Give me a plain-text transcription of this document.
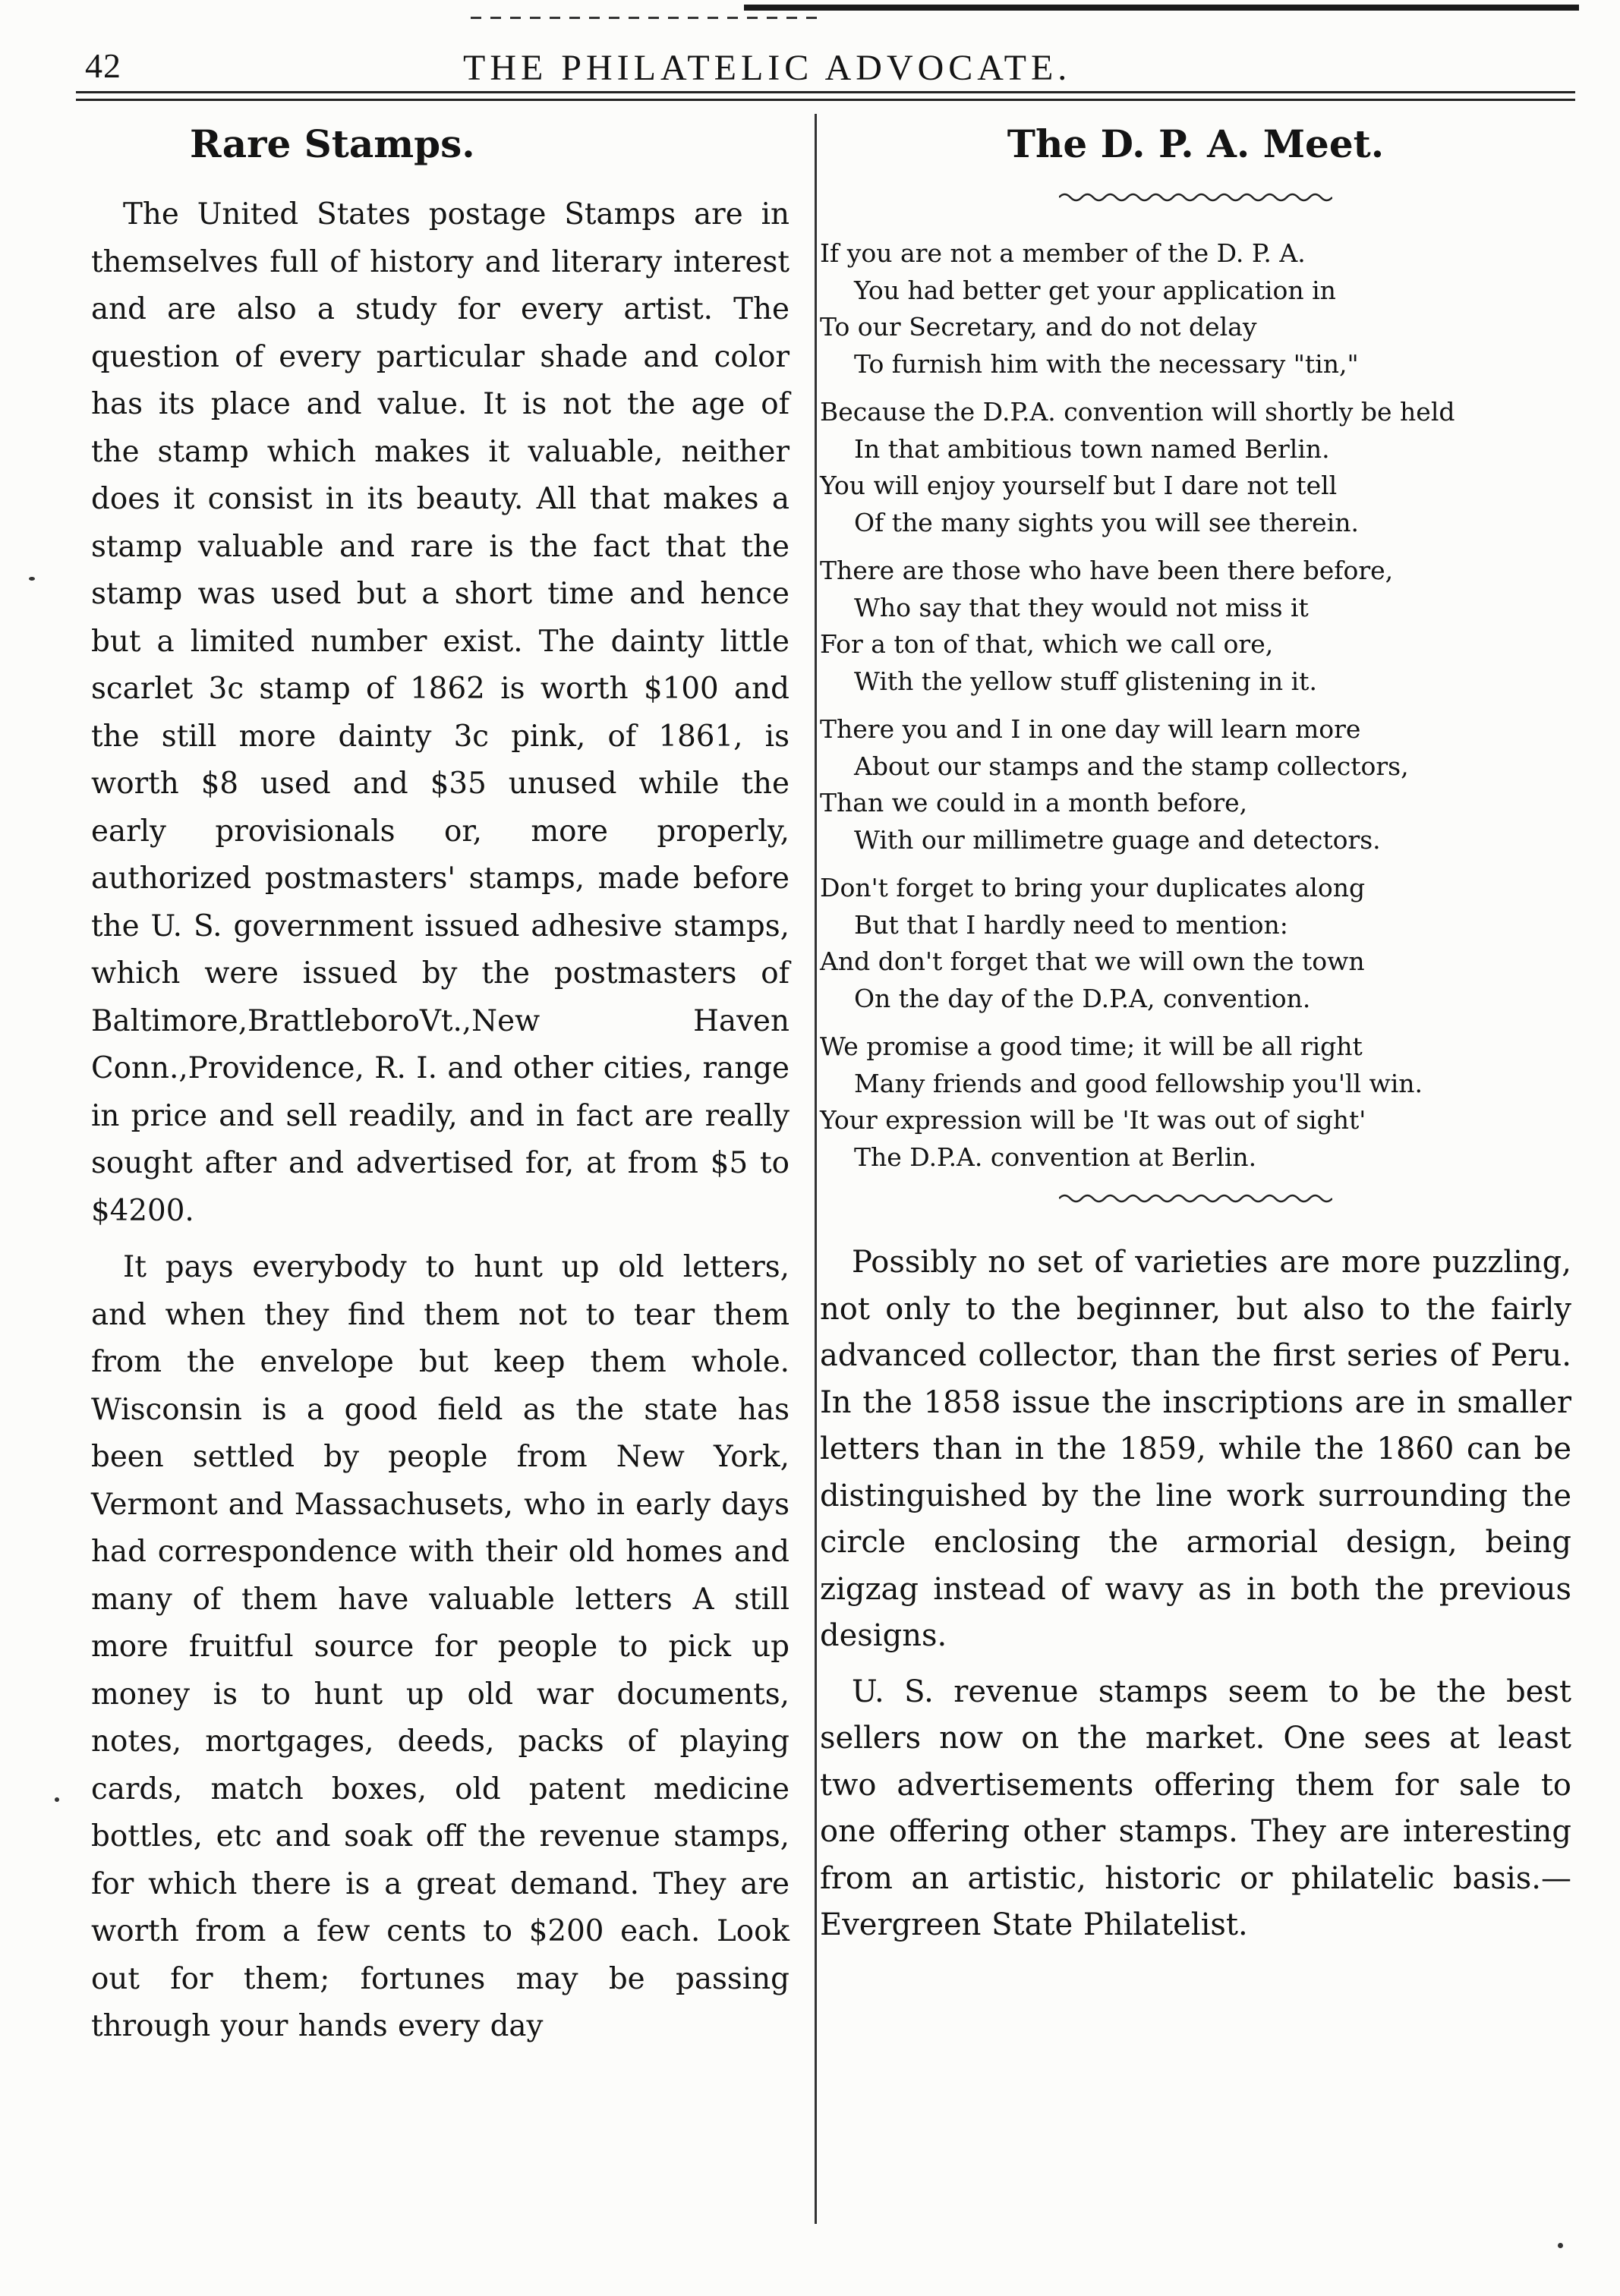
42	THE PHILATELIC ADVOCATE.
Rare Stamps.

The United States postage Stamps are in themselves full of history and literary interest and are also a study for every artist. The question of every particular shade and color has its place and value. It is not the age of the stamp which makes it valuable, neither does it consist in its beauty. All that makes a stamp valuable and rare is the fact that the stamp was used but a short time and hence but a limited number exist. The dainty little scarlet 3c stamp of 1862 is worth $100 and the still more dainty 3c pink, of 1861, is worth $8 used and $35 unused while the early provisionals or, more properly, authorized postmasters' stamps, made before the U. S. government issued adhesive stamps, which were issued by the postmasters of Baltimore,BrattleboroVt.,New Haven Conn.,Providence, R. I. and other cities, range in price and sell readily, and in fact are really sought after and advertised for, at from $5 to $4200.

It pays everybody to hunt up old letters, and when they find them not to tear them from the envelope but keep them whole. Wisconsin is a good field as the state has been settled by people from New York, Vermont and Massachusets, who in early days had correspondence with their old homes and many of them have valuable letters A still more fruitful source for people to pick up money is to hunt up old war documents, notes, mortgages, deeds, packs of playing cards, match boxes, old patent medicine bottles, etc and soak off the revenue stamps, for which there is a great demand. They are worth from a few cents to $200 each. Look out for them; fortunes may be passing through your hands every day

The D. P. A. Meet.
If you are not a member of the D. P. A.
You had better get your application in
To our Secretary, and do not delay
To furnish him with the necessary "tin,"
Because the D.P.A. convention will shortly be held
In that ambitious town named Berlin.
You will enjoy yourself but I dare not tell
Of the many sights you will see therein.
There are those who have been there before,
Who say that they would not miss it
For a ton of that, which we call ore,
With the yellow stuff glistening in it.
There you and I in one day will learn more
About our stamps and the stamp collectors,
Than we could in a month before,
With our millimetre guage and detectors.
Don't forget to bring your duplicates along
But that I hardly need to mention:
And don't forget that we will own the town
On the day of the D.P.A, convention.
We promise a good time; it will be all right
Many friends and good fellowship you'll win.
Your expression will be 'It was out of sight'
The D.P.A. convention at Berlin.

Possibly no set of varieties are more puzzling, not only to the beginner, but also to the fairly advanced collector, than the first series of Peru. In the 1858 issue the inscriptions are in smaller letters than in the 1859, while the 1860 can be distinguished by the line work surrounding the circle enclosing the armorial design, being zigzag instead of wavy as in both the previous designs.

U. S. revenue stamps seem to be the best sellers now on the market. One sees at least two advertisements offering them for sale to one offering other stamps. They are interesting from an artistic, historic or philatelic basis.—Evergreen State Philatelist.
